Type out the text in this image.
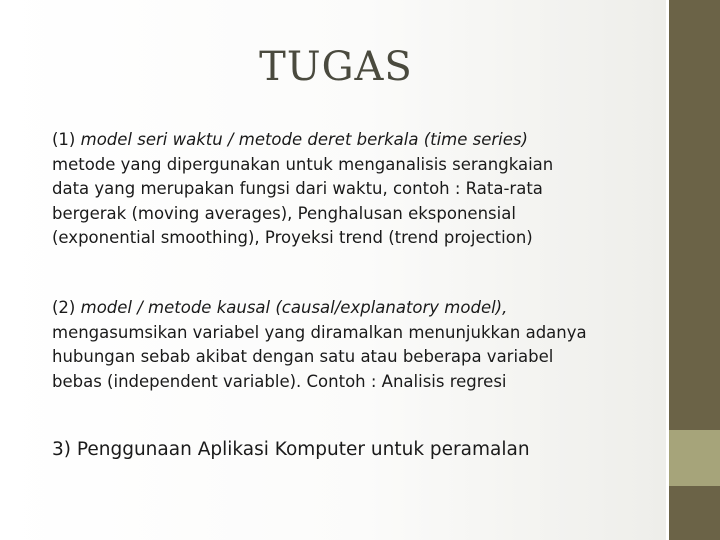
TUGAS
(1) model seri waktu / metode deret berkala (time series)
metode yang dipergunakan untuk menganalisis serangkaian
data yang merupakan fungsi dari waktu, contoh : Rata-rata
bergerak (moving averages), Penghalusan eksponensial
(exponential smoothing), Proyeksi trend (trend projection)
(2) model / metode kausal (causal/explanatory model),
mengasumsikan variabel yang diramalkan menunjukkan adanya
hubungan sebab akibat dengan satu atau beberapa variabel
bebas (independent variable). Contoh : Analisis regresi
3) Penggunaan Aplikasi Komputer untuk peramalan
